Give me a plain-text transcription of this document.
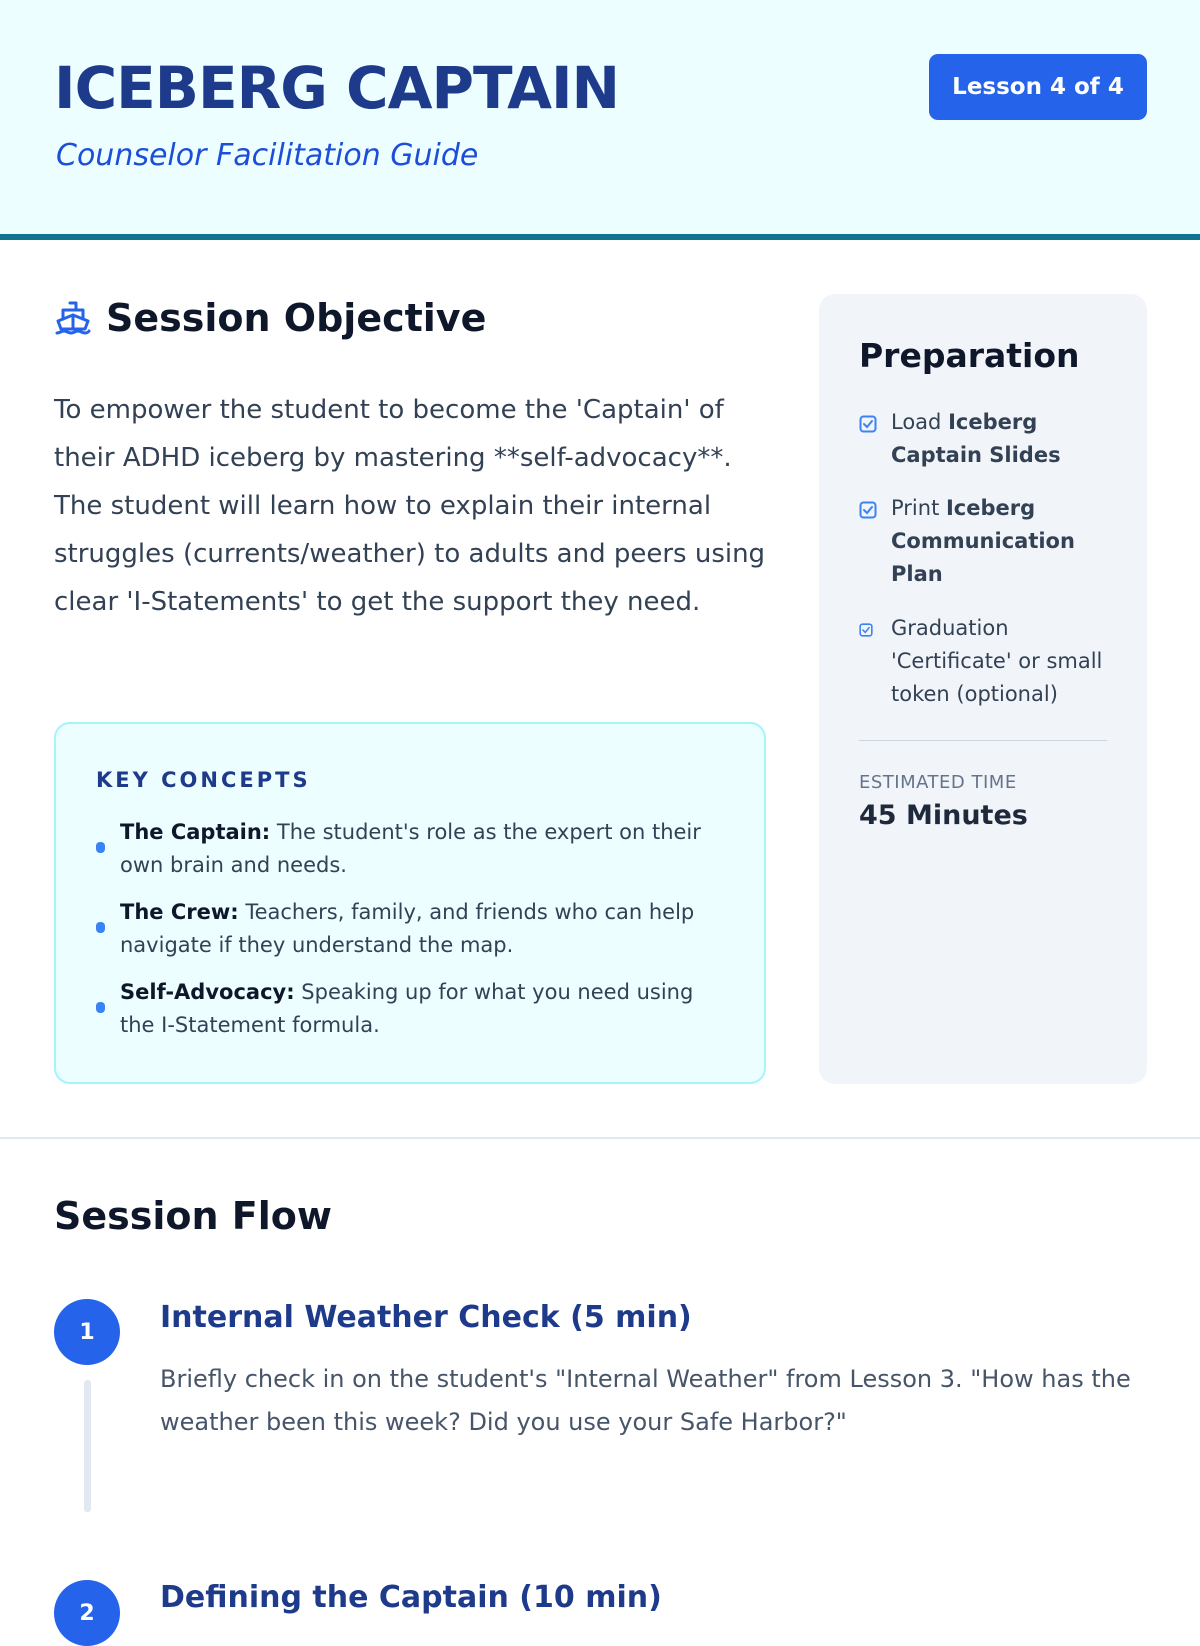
ICEBERG CAPTAIN
Counselor Facilitation Guide
Lesson 4 of 4
Session Objective

To empower the student to become the 'Captain' of their ADHD iceberg by mastering **self-advocacy**. The student will learn how to explain their internal struggles (currents/weather) to adults and peers using clear 'I-Statements' to get the support they need.

KEY CONCEPTS
The Captain: The student's role as the expert on their own brain and needs.
The Crew: Teachers, family, and friends who can help navigate if they understand the map.
Self-Advocacy: Speaking up for what you need using the I-Statement formula.
Preparation
Load Iceberg Captain Slides
Print Iceberg Communication Plan
Graduation 'Certificate' or small token (optional)
ESTIMATED TIME
45 Minutes
Session Flow
1	Internal Weather Check (5 min)

Briefly check in on the student's "Internal Weather" from Lesson 3. "How has the weather been this week? Did you use your Safe Harbor?"

2	Defining the Captain (10 min)
